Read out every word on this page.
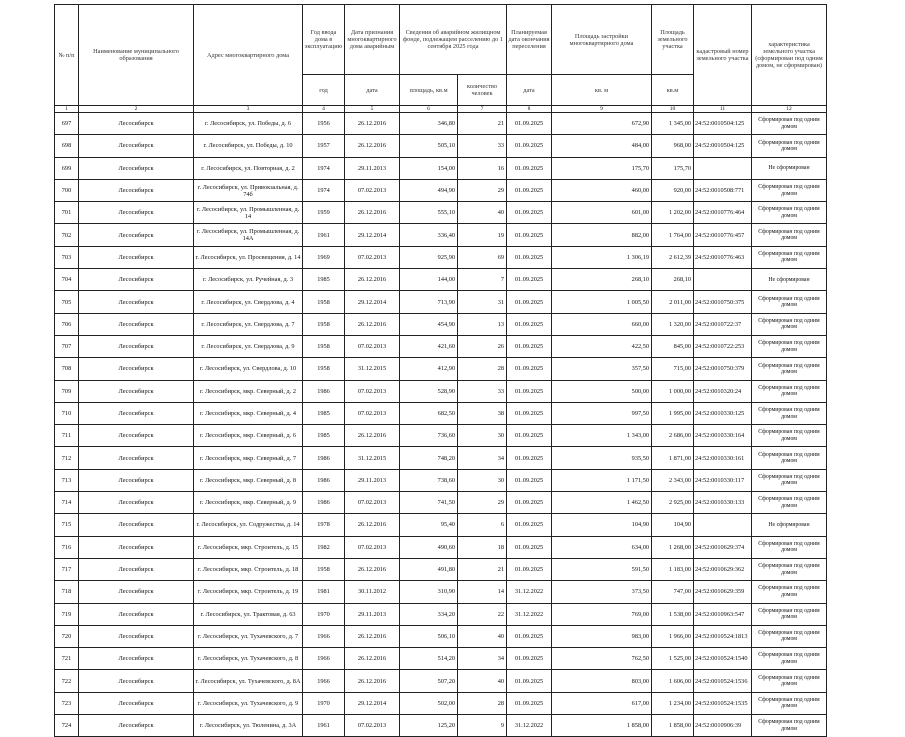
№ п/п	Наименование муниципального образования	Адрес многоквартирного дома	Год ввода дома в эксплуатацию	Дата признания многоквартирного дома аварийным	Сведения об аварийном жилищном фонде, подлежащем расселению до 1 сентября 2025 года		Планируемая дата окончания переселения	Площадь застройки многоквартирного дома	Площадь земельного участка	кадастровый номер земельного участка	характеристика земельного участка (сформирован под одним домом, не сформирован)
			год	дата	площадь, кв.м	количество человек	дата	кв. м	кв.м		
1	2	3	4	5	6	7	8	9	10	11	12
697	Лесосибирск	г. Лесосибирск, ул. Победы, д. 6	1956	26.12.2016	346,80	21	01.09.2025	672,90	1 345,00	24:52:0010504:125	Сформирован под одним домом
698	Лесосибирск	г. Лесосибирск, ул. Победы, д. 10	1957	26.12.2016	505,10	33	01.09.2025	484,00	968,00	24:52:0010504:125	Сформирован под одним домом
699	Лесосибирск	г. Лесосибирск, ул. Повторная, д. 2	1974	29.11.2013	154,00	16	01.09.2025	175,70	175,70		Не сформирован
700	Лесосибирск	г. Лесосибирск, ул. Привокзальная, д. 74б	1974	07.02.2013	494,90	29	01.09.2025	460,00	920,00	24:52:0010508:771	Сформирован под одним домом
701	Лесосибирск	г. Лесосибирск, ул. Промышленная, д. 14	1959	26.12.2016	555,10	40	01.09.2025	601,00	1 202,00	24:52:0010776:464	Сформирован под одним домом
702	Лесосибирск	г. Лесосибирск, ул. Промышленная, д. 14А	1961	29.12.2014	336,40	19	01.09.2025	882,00	1 764,00	24:52:0010776:457	Сформирован под одним домом
703	Лесосибирск	г. Лесосибирск, ул. Просвещения, д. 14	1969	07.02.2013	925,90	69	01.09.2025	1 306,19	2 612,39	24:52:0010776:463	Сформирован под одним домом
704	Лесосибирск	г. Лесосибирск, ул. Ручейная, д. 3	1985	26.12.2016	144,00	7	01.09.2025	268,10	268,10		Не сформирован
705	Лесосибирск	г. Лесосибирск, ул. Свердлова, д. 4	1958	29.12.2014	713,90	31	01.09.2025	1 005,50	2 011,00	24:52:0010750:375	Сформирован под одним домом
706	Лесосибирск	г. Лесосибирск, ул. Свердлова, д. 7	1958	26.12.2016	454,90	13	01.09.2025	660,00	1 320,00	24:52:0010722:37	Сформирован под одним домом
707	Лесосибирск	г. Лесосибирск, ул. Свердлова, д. 9	1958	07.02.2013	421,60	26	01.09.2025	422,50	845,00	24:52:0010722:253	Сформирован под одним домом
708	Лесосибирск	г. Лесосибирск, ул. Свердлова, д. 10	1958	31.12.2015	412,90	28	01.09.2025	357,50	715,00	24:52:0010750:379	Сформирован под одним домом
709	Лесосибирск	г. Лесосибирск, мкр. Северный, д. 2	1986	07.02.2013	528,90	33	01.09.2025	500,00	1 000,00	24:52:0010320:24	Сформирован под одним домом
710	Лесосибирск	г. Лесосибирск, мкр. Северный, д. 4	1985	07.02.2013	682,50	38	01.09.2025	997,50	1 995,00	24:52:0010330:125	Сформирован под одним домом
711	Лесосибирск	г. Лесосибирск, мкр. Северный, д. 6	1985	26.12.2016	736,60	30	01.09.2025	1 343,00	2 686,00	24:52:0010330:164	Сформирован под одним домом
712	Лесосибирск	г. Лесосибирск, мкр. Северный, д. 7	1986	31.12.2015	748,20	34	01.09.2025	935,50	1 871,00	24:52:0010330:161	Сформирован под одним домом
713	Лесосибирск	г. Лесосибирск, мкр. Северный, д. 8	1986	29.11.2013	738,60	30	01.09.2025	1 171,50	2 343,00	24:52:0010330:117	Сформирован под одним домом
714	Лесосибирск	г. Лесосибирск, мкр. Северный, д. 9	1986	07.02.2013	741,50	29	01.09.2025	1 462,50	2 925,00	24:52:0010330:133	Сформирован под одним домом
715	Лесосибирск	г. Лесосибирск, ул. Содружества, д. 14	1978	26.12.2016	95,40	6	01.09.2025	104,90	104,90		Не сформирован
716	Лесосибирск	г. Лесосибирск, мкр. Строитель, д. 15	1982	07.02.2013	490,60	18	01.09.2025	634,00	1 268,00	24:52:0010629:374	Сформирован под одним домом
717	Лесосибирск	г. Лесосибирск, мкр. Строитель, д. 18	1958	26.12.2016	491,80	21	01.09.2025	591,50	1 183,00	24:52:0010629:362	Сформирован под одним домом
718	Лесосибирск	г. Лесосибирск, мкр. Строитель, д. 19	1981	30.11.2012	310,90	14	31.12.2022	373,50	747,00	24:52:0010629:359	Сформирован под одним домом
719	Лесосибирск	г. Лесосибирск, ул. Трактовая, д. 63	1970	29.11.2013	334,20	22	31.12.2022	769,00	1 538,00	24:52:0010963:547	Сформирован под одним домом
720	Лесосибирск	г. Лесосибирск, ул. Тухачевского, д. 7	1966	26.12.2016	506,10	40	01.09.2025	983,00	1 966,00	24:52:0010524:1813	Сформирован под одним домом
721	Лесосибирск	г. Лесосибирск, ул. Тухачевского, д. 8	1966	26.12.2016	514,20	34	01.09.2025	762,50	1 525,00	24:52:0010524:1540	Сформирован под одним домом
722	Лесосибирск	г. Лесосибирск, ул. Тухачевского, д. 8А	1966	26.12.2016	507,20	40	01.09.2025	803,00	1 606,00	24:52:0010524:1536	Сформирован под одним домом
723	Лесосибирск	г. Лесосибирск, ул. Тухачевского, д. 9	1970	29.12.2014	502,00	28	01.09.2025	617,00	1 234,00	24:52:0010524:1535	Сформирован под одним домом
724	Лесосибирск	г. Лесосибирск, ул. Тюленина, д. 3А	1961	07.02.2013	125,20	9	31.12.2022	1 858,00	1 858,00	24:52:0010906:39	Сформирован под одним домом
